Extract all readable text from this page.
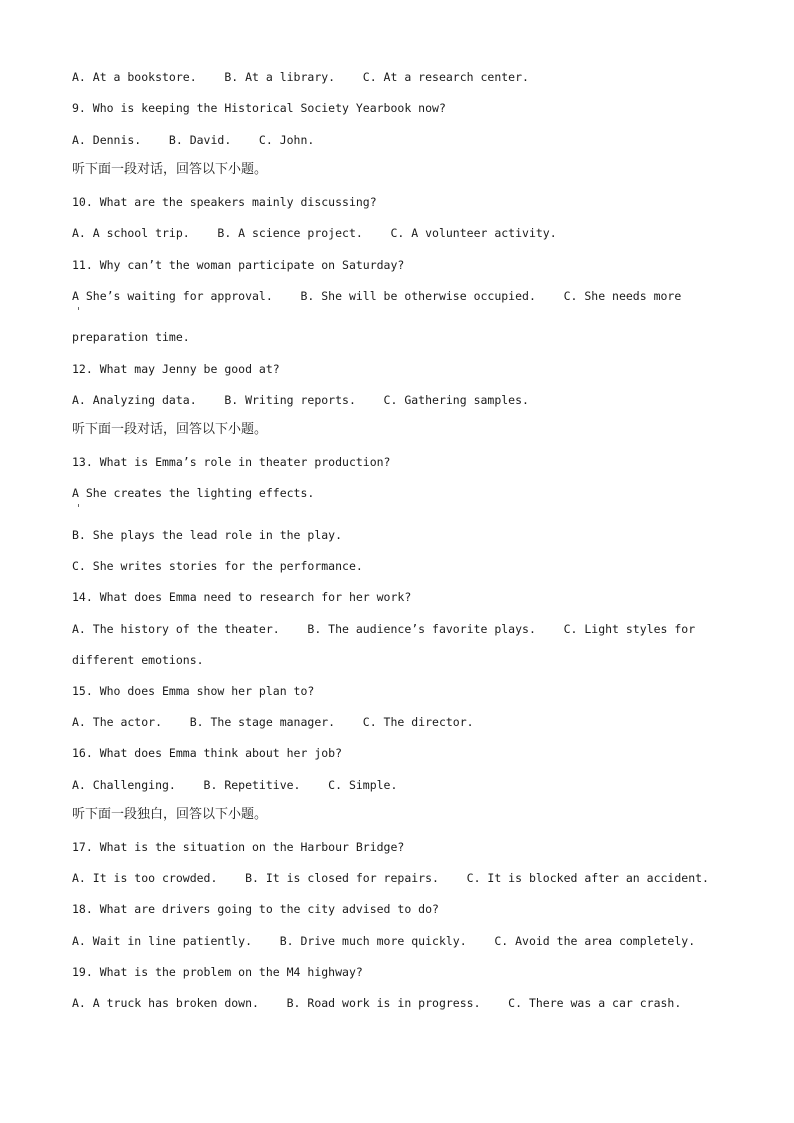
A. At a bookstore.    B. At a library.    C. At a research center.
9. Who is keeping the Historical Society Yearbook now?
A. Dennis.    B. David.    C. John.
听下面一段对话，回答以下小题。
10. What are the speakers mainly discussing?
A. A school trip.    B. A science project.    C. A volunteer activity.
11. Why can’t the woman participate on Saturday?
A She’s waiting for approval.    B. She will be otherwise occupied.    C. She needs more
preparation time.
12. What may Jenny be good at?
A. Analyzing data.    B. Writing reports.    C. Gathering samples.
听下面一段对话，回答以下小题。
13. What is Emma’s role in theater production?
A She creates the lighting effects.
B. She plays the lead role in the play.
C. She writes stories for the performance.
14. What does Emma need to research for her work?
A. The history of the theater.    B. The audience’s favorite plays.    C. Light styles for
different emotions.
15. Who does Emma show her plan to?
A. The actor.    B. The stage manager.    C. The director.
16. What does Emma think about her job?
A. Challenging.    B. Repetitive.    C. Simple.
听下面一段独白，回答以下小题。
17. What is the situation on the Harbour Bridge?
A. It is too crowded.    B. It is closed for repairs.    C. It is blocked after an accident.
18. What are drivers going to the city advised to do?
A. Wait in line patiently.    B. Drive much more quickly.    C. Avoid the area completely.
19. What is the problem on the M4 highway?
A. A truck has broken down.    B. Road work is in progress.    C. There was a car crash.
